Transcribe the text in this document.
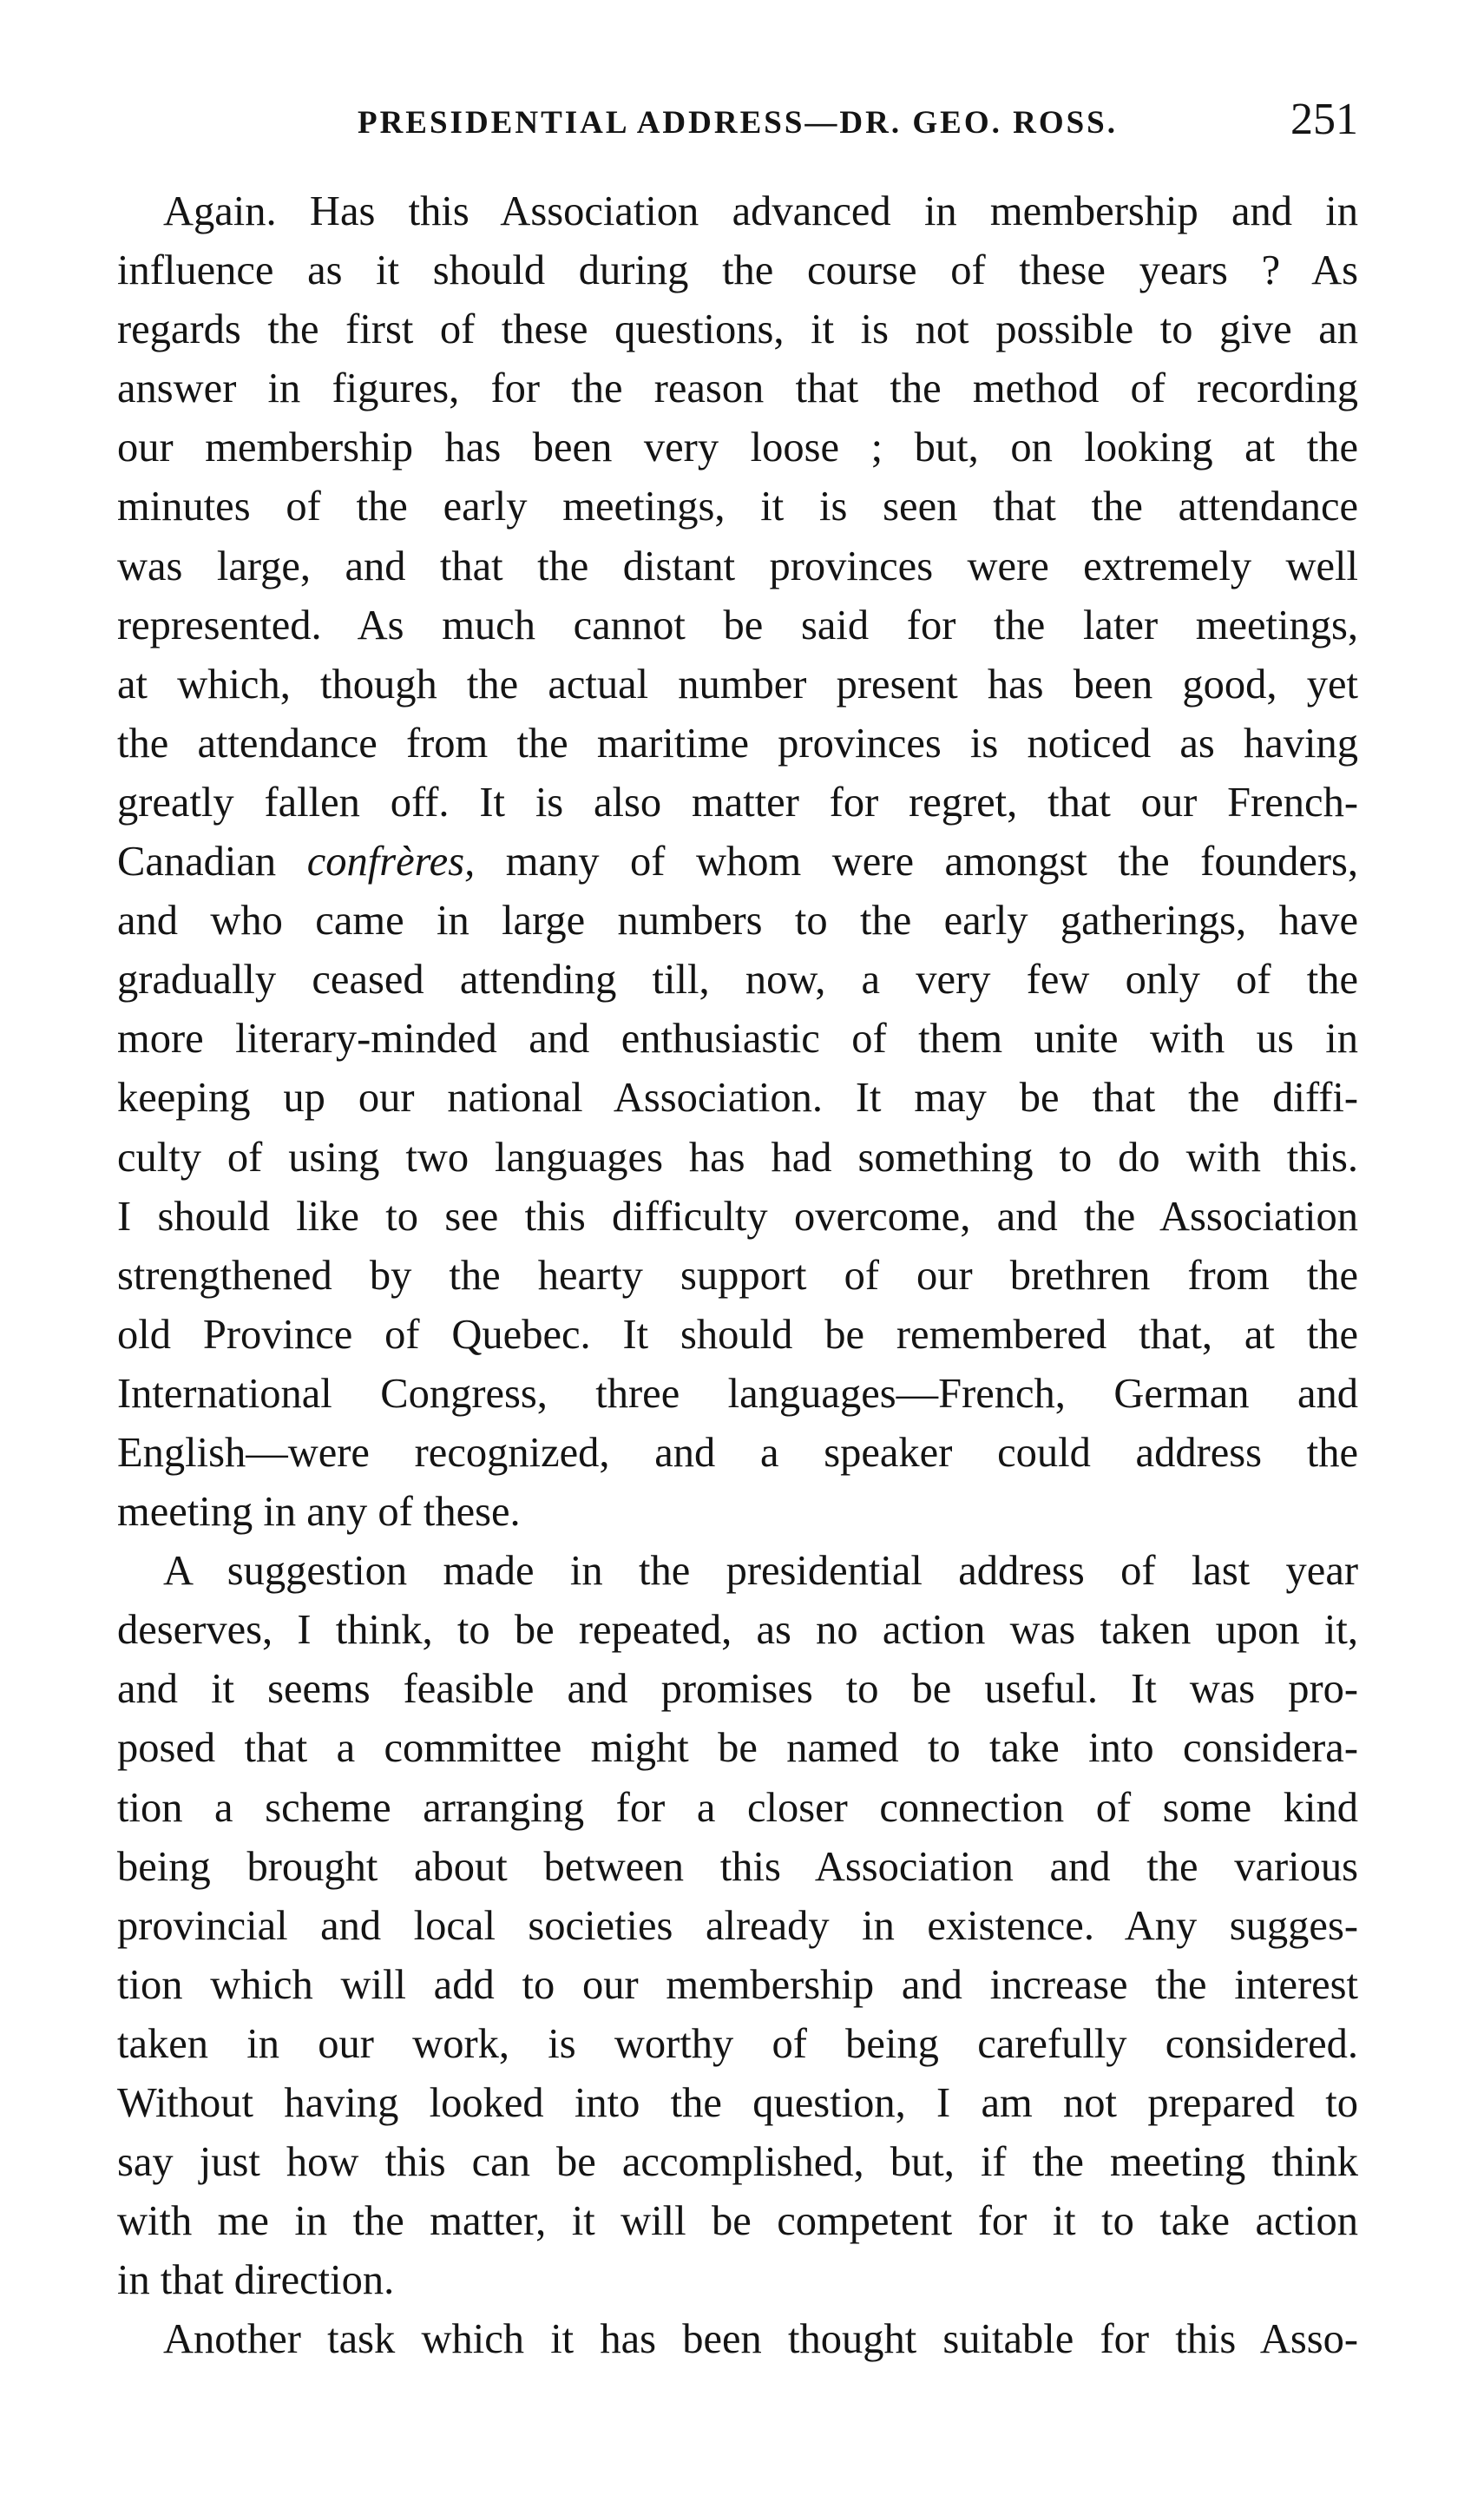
PRESIDENTIAL ADDRESS—DR. GEO. ROSS.	251
Again. Has this Association advanced in membership and in
influence as it should during the course of these years ? As
regards the first of these questions, it is not possible to give an
answer in figures, for the reason that the method of recording
our membership has been very loose ; but, on looking at the
minutes of the early meetings, it is seen that the attendance
was large, and that the distant provinces were extremely well
represented. As much cannot be said for the later meetings,
at which, though the actual number present has been good, yet
the attendance from the maritime provinces is noticed as having
greatly fallen off. It is also matter for regret, that our French-
Canadian confrères, many of whom were amongst the founders,
and who came in large numbers to the early gatherings, have
gradually ceased attending till, now, a very few only of the
more literary-minded and enthusiastic of them unite with us in
keeping up our national Association. It may be that the diffi-
culty of using two languages has had something to do with this.
I should like to see this difficulty overcome, and the Association
strengthened by the hearty support of our brethren from the
old Province of Quebec. It should be remembered that, at the
International Congress, three languages—French, German and
English—were recognized, and a speaker could address the
meeting in any of these.
A suggestion made in the presidential address of last year
deserves, I think, to be repeated, as no action was taken upon it,
and it seems feasible and promises to be useful. It was pro-
posed that a committee might be named to take into considera-
tion a scheme arranging for a closer connection of some kind
being brought about between this Association and the various
provincial and local societies already in existence. Any sugges-
tion which will add to our membership and increase the interest
taken in our work, is worthy of being carefully considered.
Without having looked into the question, I am not prepared to
say just how this can be accomplished, but, if the meeting think
with me in the matter, it will be competent for it to take action
in that direction.
Another task which it has been thought suitable for this Asso-
